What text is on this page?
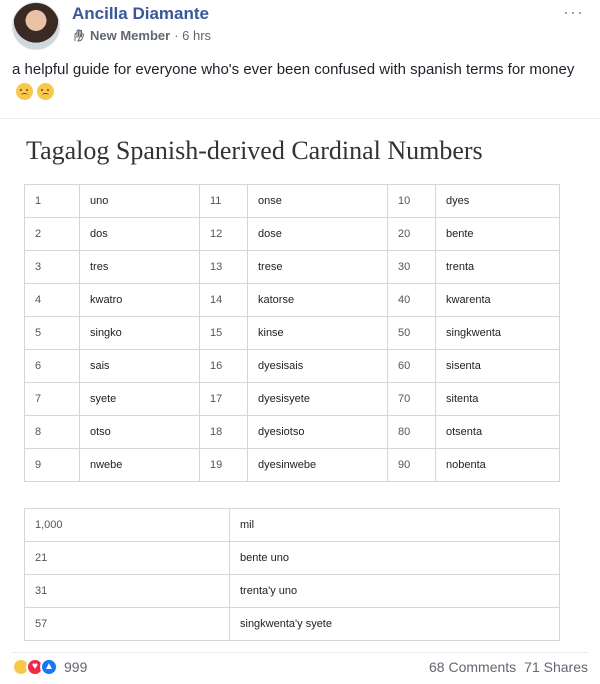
Ancilla Diamante
New Member · 6 hrs
···
a helpful guide for everyone who's ever been confused with spanish terms for money
Tagalog Spanish-derived Cardinal Numbers
1	uno	11	onse	10	dyes
2	dos	12	dose	20	bente
3	tres	13	trese	30	trenta
4	kwatro	14	katorse	40	kwarenta
5	singko	15	kinse	50	singkwenta
6	sais	16	dyesisais	60	sisenta
7	syete	17	dyesisyete	70	sitenta
8	otso	18	dyesiotso	80	otsenta
9	nwebe	19	dyesinwebe	90	nobenta
1,000	mil
21	bente uno
31	trenta'y uno
57	singkwenta'y syete
♥ ▲ 999	68 Comments 71 Shares
